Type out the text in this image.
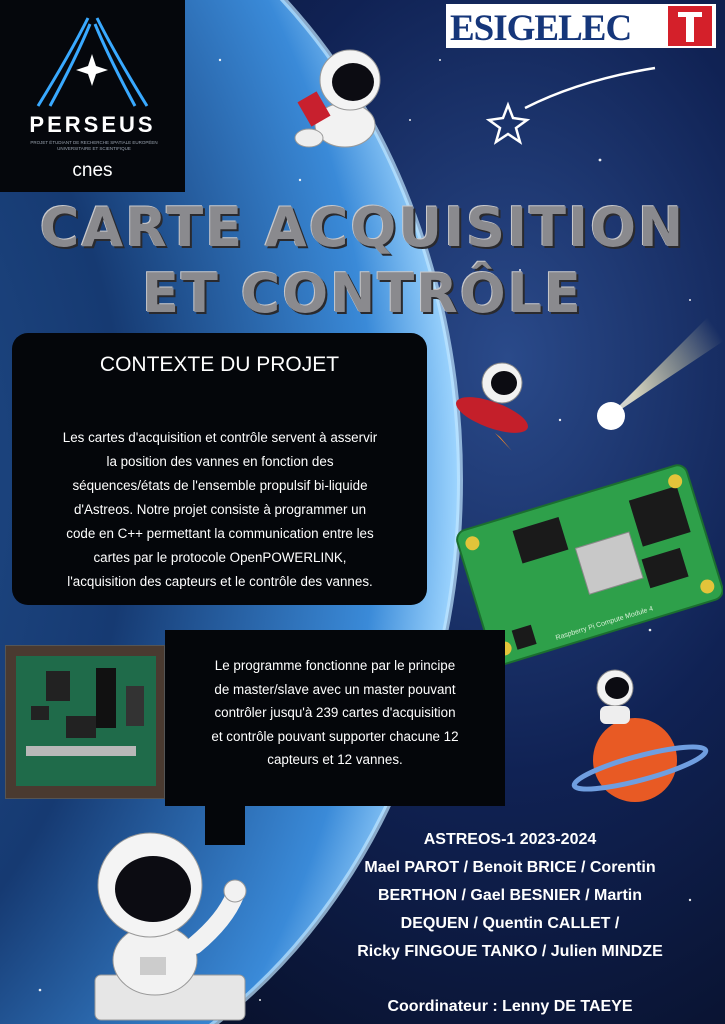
PERSEUS
PROJET ÉTUDIANT DE RECHERCHE SPATIALE EUROPÉEN UNIVERSITAIRE ET SCIENTIFIQUE
cnes
ESIGELEC
CARTE ACQUISITION
ET CONTRÔLE
CONTEXTE DU PROJET
Les cartes d'acquisition et contrôle servent à asservir
la position des vannes en fonction des
séquences/états de l'ensemble propulsif bi-liquide
d'Astreos. Notre projet consiste à programmer un
code en C++ permettant la communication entre les
cartes par le protocole OpenPOWERLINK,
l'acquisition des capteurs et le contrôle des vannes.
Raspberry Pi Compute Module 4
Le programme fonctionne par le principe
de master/slave avec un master pouvant
contrôler jusqu'à 239 cartes d'acquisition
et contrôle pouvant supporter chacune 12
capteurs et 12 vannes.
ASTREOS-1 2023-2024
Mael PAROT / Benoit BRICE / Corentin
BERTHON / Gael BESNIER / Martin
DEQUEN / Quentin CALLET /
Ricky FINGOUE TANKO / Julien MINDZE
Coordinateur : Lenny DE TAEYE
